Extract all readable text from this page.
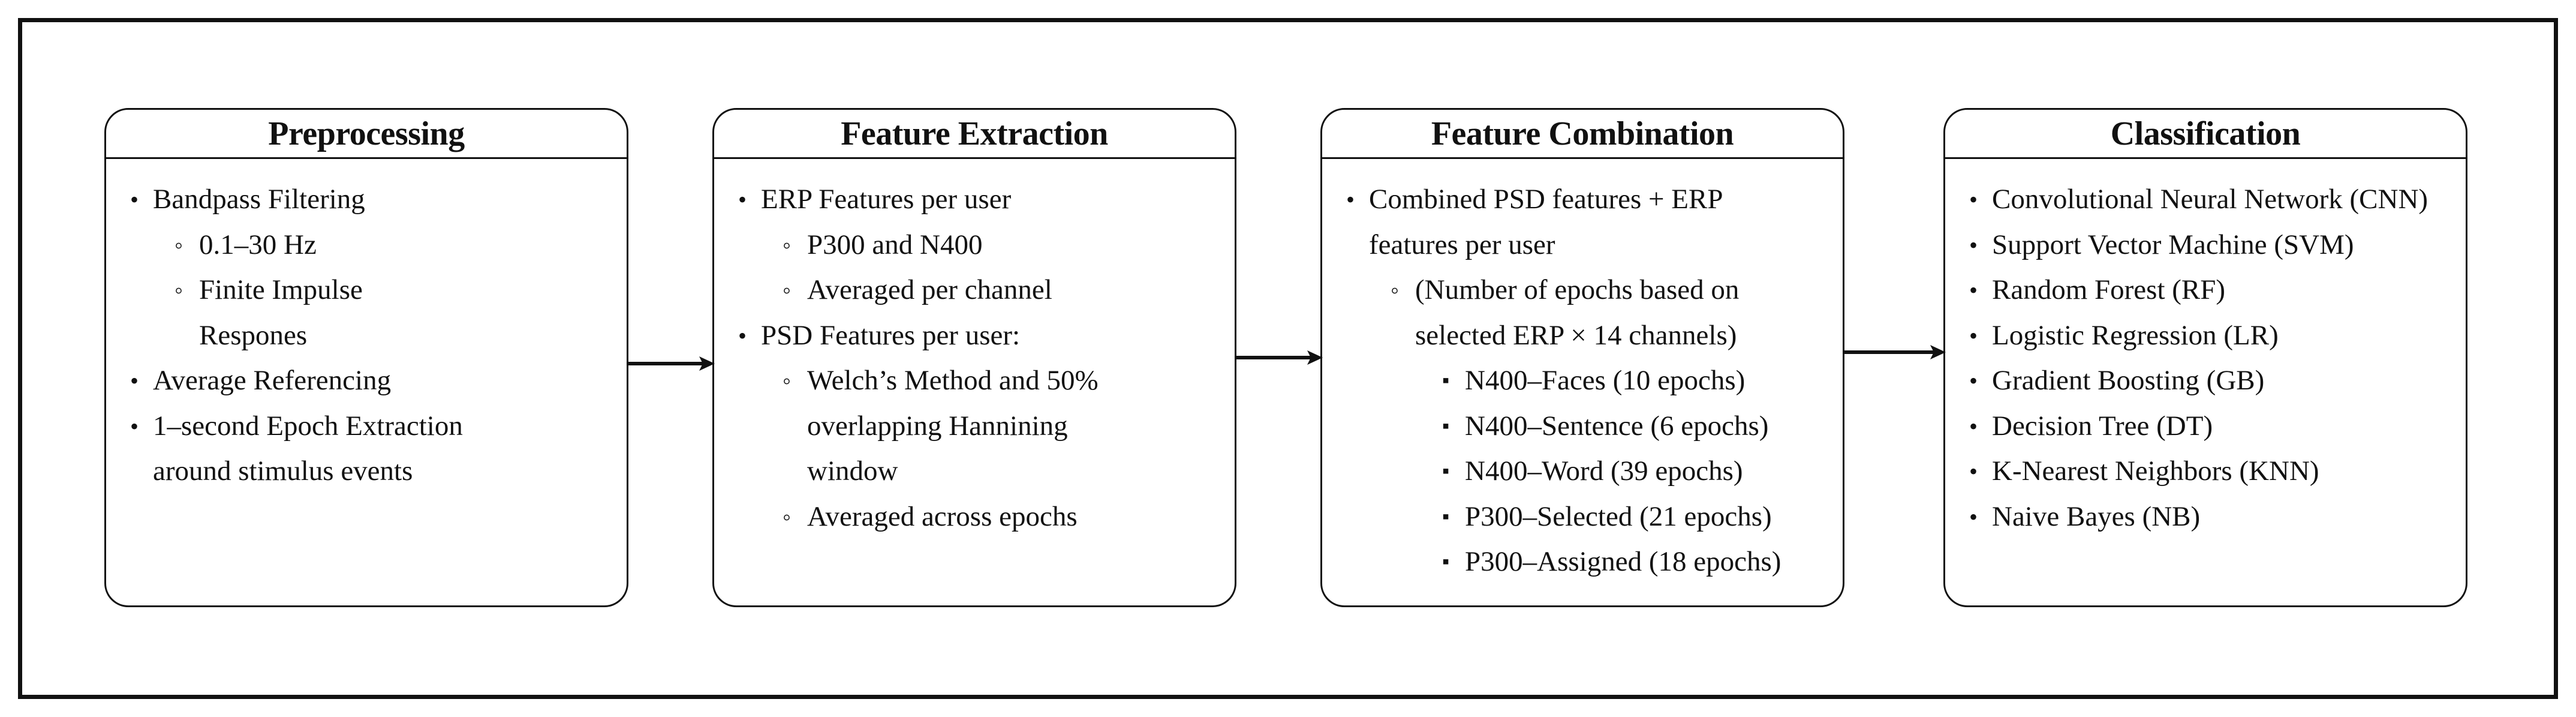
Preprocessing
• Bandpass Filtering
◦ 0.1–30 Hz
◦ Finite Impulse
Respones
• Average Referencing
• 1–second Epoch Extraction
around stimulus events
Feature Extraction
• ERP Features per user
◦ P300 and N400
◦ Averaged per channel
• PSD Features per user:
◦ Welch’s Method and 50%
overlapping Hannining
window
◦ Averaged across epochs
Feature Combination
• Combined PSD features + ERP
features per user
◦ (Number of epochs based on
selected ERP × 14 channels)
▪ N400–Faces (10 epochs)
▪ N400–Sentence (6 epochs)
▪ N400–Word (39 epochs)
▪ P300–Selected (21 epochs)
▪ P300–Assigned (18 epochs)
Classification
• Convolutional Neural Network (CNN)
• Support Vector Machine (SVM)
• Random Forest (RF)
• Logistic Regression (LR)
• Gradient Boosting (GB)
• Decision Tree (DT)
• K-Nearest Neighbors (KNN)
• Naive Bayes (NB)
